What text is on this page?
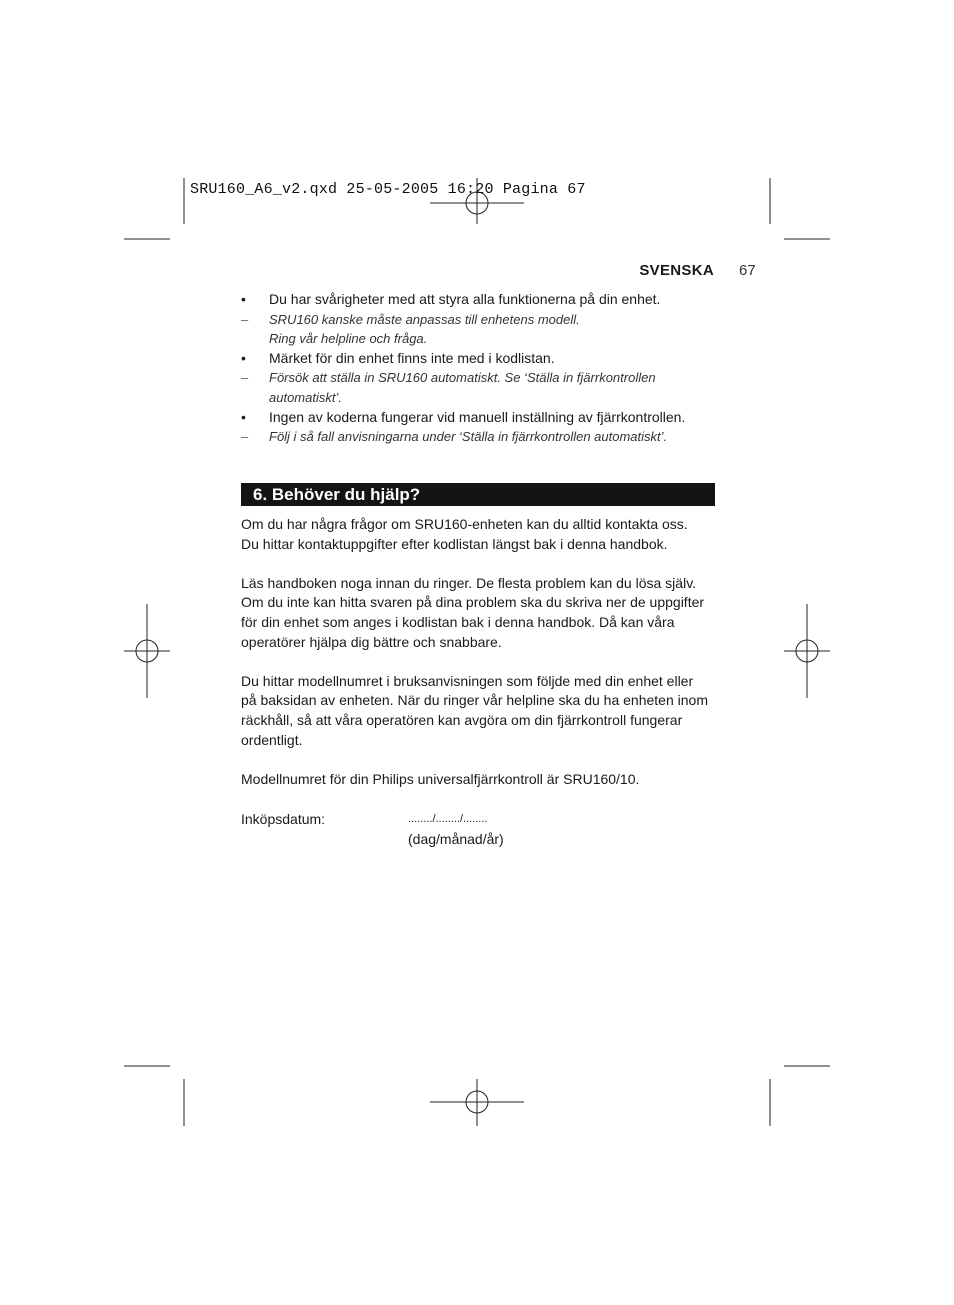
SRU160_A6_v2.qxd 25-05-2005 16:20 Pagina 67
SVENSKA 67
•	Du har svårigheter med att styra alla funktionerna på din enhet.
–	SRU160 kanske måste anpassas till enhetens modell.
Ring vår helpline och fråga.
•	Märket för din enhet finns inte med i kodlistan.
–	Försök att ställa in SRU160 automatiskt. Se ‘Ställa in fjärrkontrollen
automatiskt’.
•	Ingen av koderna fungerar vid manuell inställning av fjärrkontrollen.
–	Följ i så fall anvisningarna under ‘Ställa in fjärrkontrollen automatiskt’.
6. Behöver du hjälp?

Om du har några frågor om SRU160-enheten kan du alltid kontakta oss.
Du hittar kontaktuppgifter efter kodlistan längst bak i denna handbok.

Läs handboken noga innan du ringer. De flesta problem kan du lösa själv.
Om du inte kan hitta svaren på dina problem ska du skriva ner de uppgifter
för din enhet som anges i kodlistan bak i denna handbok. Då kan våra
operatörer hjälpa dig bättre och snabbare.

Du hittar modellnumret i bruksanvisningen som följde med din enhet eller
på baksidan av enheten. När du ringer vår helpline ska du ha enheten inom
räckhåll, så att våra operatören kan avgöra om din fjärrkontroll fungerar
ordentligt.

Modellnumret för din Philips universalfjärrkontroll är SRU160/10.

Inköpsdatum:	......../......../........
(dag/månad/år)
